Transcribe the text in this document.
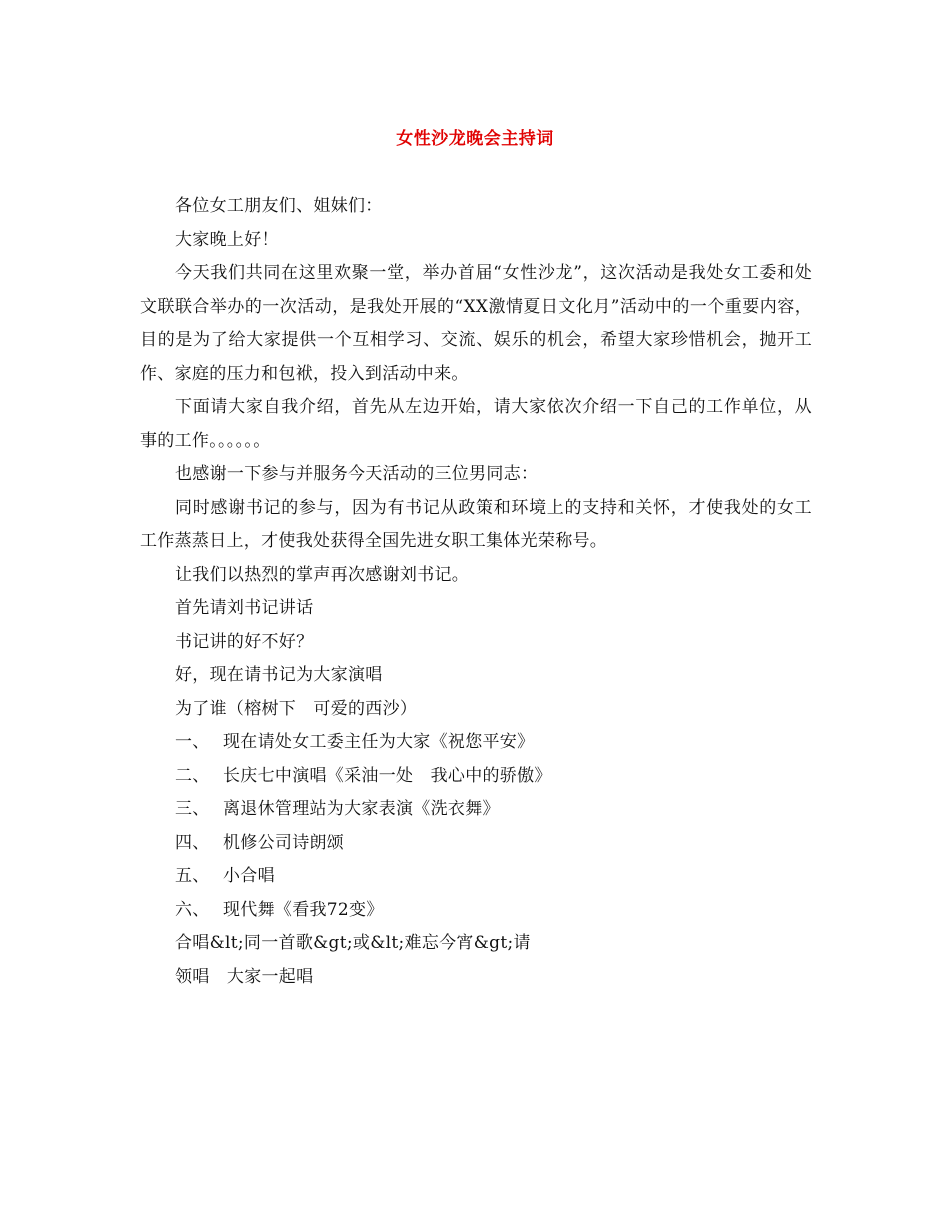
女性沙龙晚会主持词

各位女工朋友们、姐妹们：

大家晚上好！

今天我们共同在这里欢聚一堂，举办首届“女性沙龙”，这次活动是我处女工委和处文联联合举办的一次活动，是我处开展的“XX激情夏日文化月”活动中的一个重要内容，目的是为了给大家提供一个互相学习、交流、娱乐的机会，希望大家珍惜机会，抛开工作、家庭的压力和包袱，投入到活动中来。

下面请大家自我介绍，首先从左边开始，请大家依次介绍一下自己的工作单位，从事的工作。。。。。。

也感谢一下参与并服务今天活动的三位男同志：

同时感谢书记的参与，因为有书记从政策和环境上的支持和关怀，才使我处的女工工作蒸蒸日上，才使我处获得全国先进女职工集体光荣称号。

让我们以热烈的掌声再次感谢刘书记。

首先请刘书记讲话

书记讲的好不好？

好，现在请书记为大家演唱

为了谁（榕树下　可爱的西沙）

一、 现在请处女工委主任为大家《祝您平安》

二、 长庆七中演唱《采油一处　我心中的骄傲》

三、 离退休管理站为大家表演《洗衣舞》

四、 机修公司诗朗颂

五、 小合唱

六、 现代舞《看我72变》

合唱&lt;同一首歌&gt;或&lt;难忘今宵&gt;请

领唱　大家一起唱
